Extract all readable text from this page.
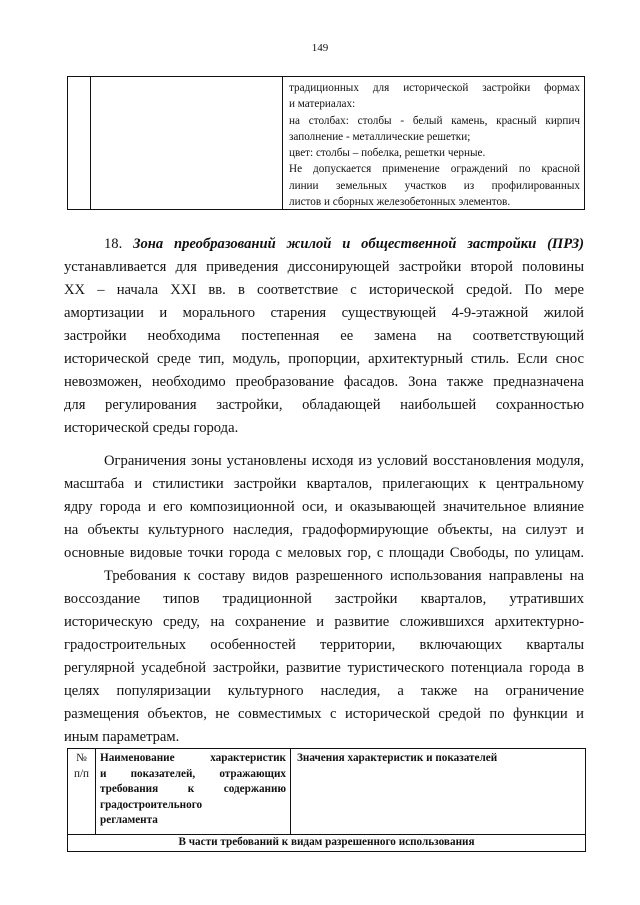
149
традиционных для исторической застройки формах
и материалах:
на столбах: столбы - белый камень, красный кирпич
заполнение - металлические решетки;
цвет: столбы – побелка, решетки черные.
Не допускается применение ограждений по красной
линии земельных участков из профилированных
листов и сборных железобетонных элементов.
18. Зона преобразований жилой и общественной застройки (ПРЗ)
устанавливается для приведения диссонирующей застройки второй половины
XX – начала XXI вв. в соответствие с исторической средой. По мере
амортизации и морального старения существующей 4-9-этажной жилой
застройки необходима постепенная ее замена на соответствующий
исторической среде тип, модуль, пропорции, архитектурный стиль. Если снос
невозможен, необходимо преобразование фасадов. Зона также предназначена
для регулирования застройки, обладающей наибольшей сохранностью
исторической среды города.
Ограничения зоны установлены исходя из условий восстановления модуля,
масштаба и стилистики застройки кварталов, прилегающих к центральному
ядру города и его композиционной оси, и оказывающей значительное влияние
на объекты культурного наследия, градоформирующие объекты, на силуэт и
основные видовые точки города с меловых гор, с площади Свободы, по улицам.
Требования к составу видов разрешенного использования направлены на
воссоздание типов традиционной застройки кварталов, утративших
историческую среду, на сохранение и развитие сложившихся архитектурно-
градостроительных особенностей территории, включающих кварталы
регулярной усадебной застройки, развитие туристического потенциала города в
целях популяризации культурного наследия, а также на ограничение
размещения объектов, не совместимых с исторической средой по функции и
иным параметрам.
№
п/п
Наименование характеристик
и показателей, отражающих
требования к содержанию
градостроительного
регламента
Значения характеристик и показателей
В части требований к видам разрешенного использования
